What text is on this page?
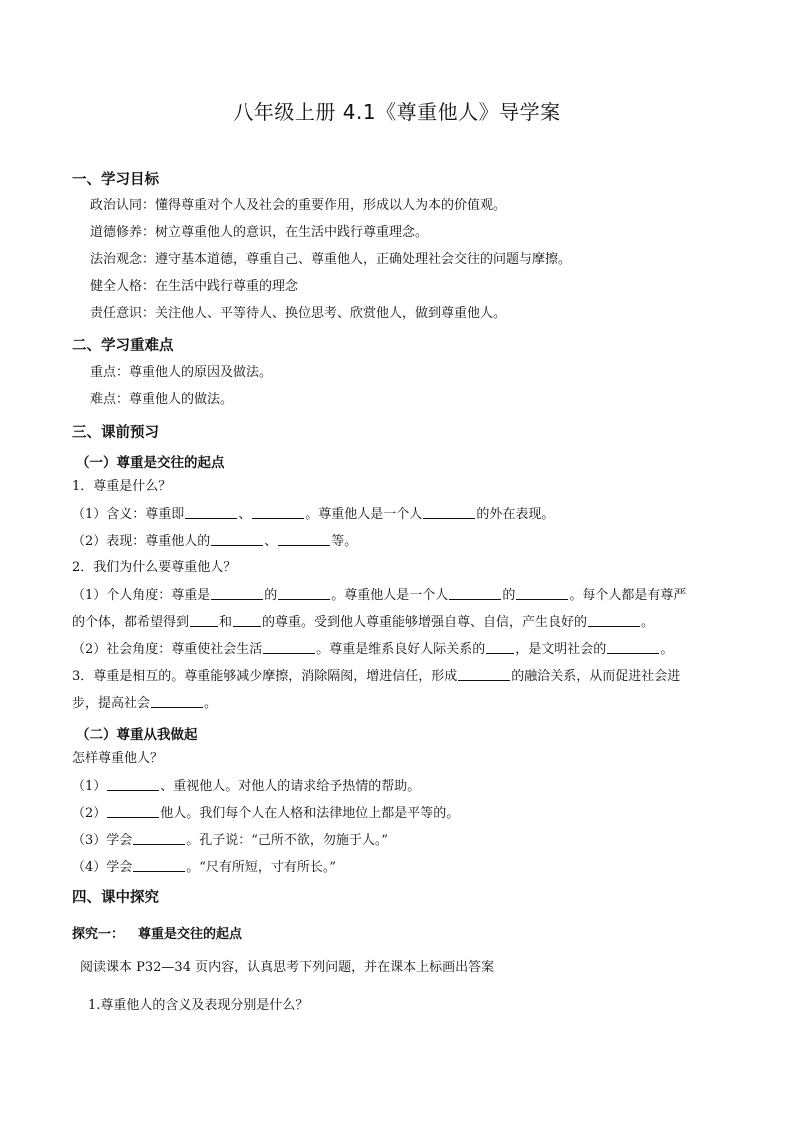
八年级上册 4.1《尊重他人》导学案
一、学习目标
政治认同：懂得尊重对个人及社会的重要作用，形成以人为本的价值观。
道德修养：树立尊重他人的意识，在生活中践行尊重理念。
法治观念：遵守基本道德，尊重自己、尊重他人，正确处理社会交往的问题与摩擦。
健全人格：在生活中践行尊重的理念
责任意识：关注他人、平等待人、换位思考、欣赏他人，做到尊重他人。
二、学习重难点
重点：尊重他人的原因及做法。
难点：尊重他人的做法。
三、课前预习
（一）尊重是交往的起点
1．尊重是什么？
（1）含义：尊重即	、	。尊重他人是一个人	的外在表现。
（2）表现：尊重他人的	、	等。
2．我们为什么要尊重他人？
（1）个人角度：尊重是	的	。尊重他人是一个人	的	。每个人都是有尊严
的个体，都希望得到 和 的尊重。受到他人尊重能够增强自尊、自信，产生良好的	。
（2）社会角度：尊重使社会生活	。尊重是维系良好人际关系的 ，是文明社会的	。
3．尊重是相互的。尊重能够减少摩擦，消除隔阂，增进信任，形成	的融洽关系，从而促进社会进
步，提高社会	。
（二）尊重从我做起
怎样尊重他人？
（1）	、重视他人。对他人的请求给予热情的帮助。
（2）	他人。我们每个人在人格和法律地位上都是平等的。
（3）学会	。孔子说：“己所不欲，勿施于人。”
（4）学会	。“尺有所短，寸有所长。”
四、课中探究
探究一： 尊重是交往的起点
阅读课本 P32—34 页内容，认真思考下列问题，并在课本上标画出答案
1.尊重他人的含义及表现分别是什么？
